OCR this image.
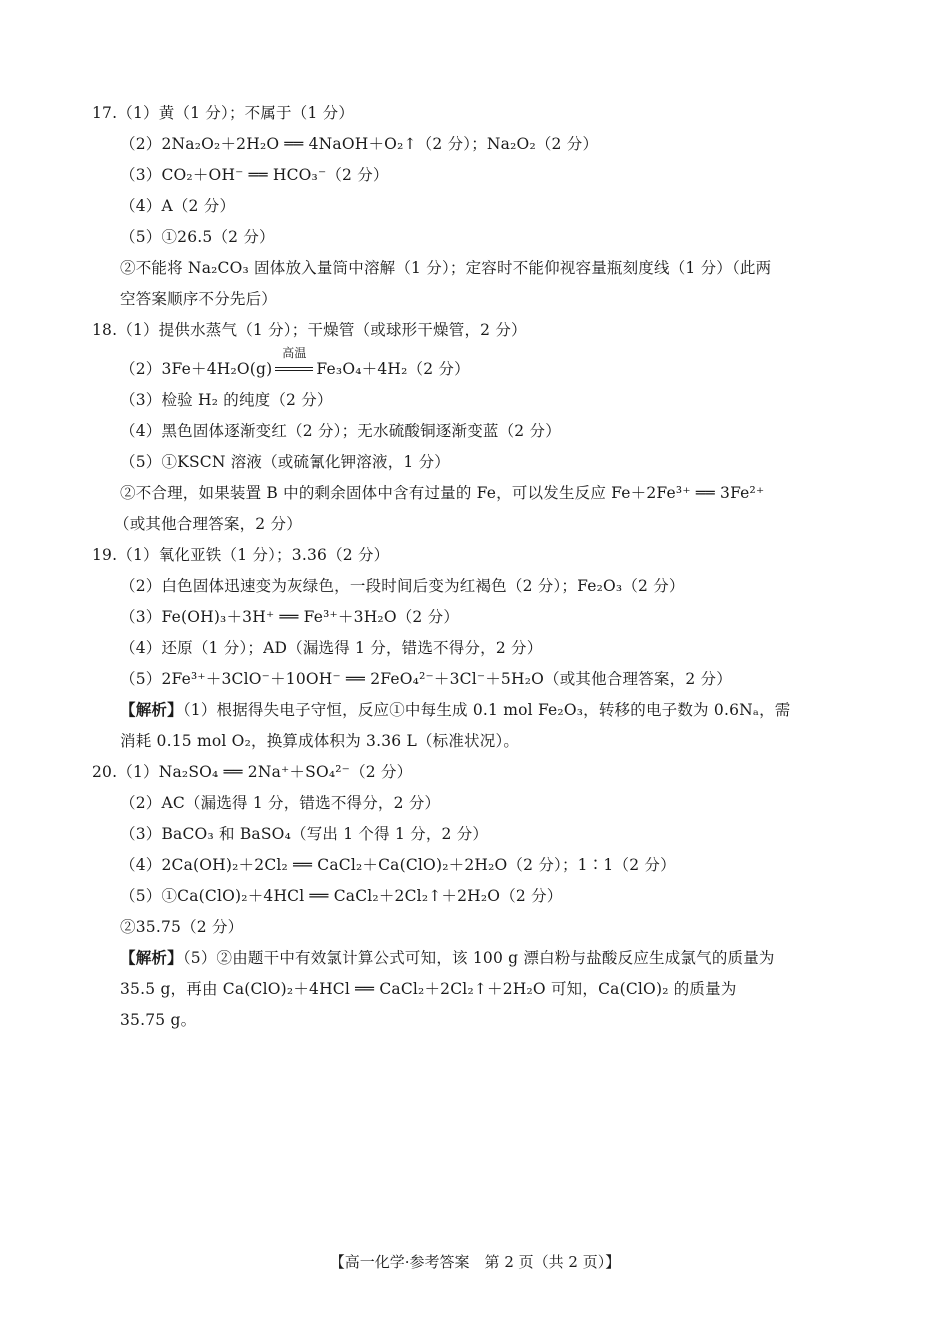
17.（1）黄（1 分）；不属于（1 分）
（2）2Na₂O₂＋2H₂O ══ 4NaOH＋O₂↑（2 分）；Na₂O₂（2 分）
（3）CO₂＋OH⁻ ══ HCO₃⁻（2 分）
（4）A（2 分）
（5）①26.5（2 分）
②不能将 Na₂CO₃ 固体放入量筒中溶解（1 分）；定容时不能仰视容量瓶刻度线（1 分）（此两
空答案顺序不分先后）
18.（1）提供水蒸气（1 分）；干燥管（或球形干燥管，2 分）
（2）3Fe＋4H₂O(g)
高温
Fe₃O₄＋4H₂（2 分）
（3）检验 H₂ 的纯度（2 分）
（4）黑色固体逐渐变红（2 分）；无水硫酸铜逐渐变蓝（2 分）
（5）①KSCN 溶液（或硫氰化钾溶液，1 分）
②不合理，如果装置 B 中的剩余固体中含有过量的 Fe，可以发生反应 Fe＋2Fe³⁺ ══ 3Fe²⁺
（或其他合理答案，2 分）
19.（1）氧化亚铁（1 分）；3.36（2 分）
（2）白色固体迅速变为灰绿色，一段时间后变为红褐色（2 分）；Fe₂O₃（2 分）
（3）Fe(OH)₃＋3H⁺ ══ Fe³⁺＋3H₂O（2 分）
（4）还原（1 分）；AD（漏选得 1 分，错选不得分，2 分）
（5）2Fe³⁺＋3ClO⁻＋10OH⁻ ══ 2FeO₄²⁻＋3Cl⁻＋5H₂O（或其他合理答案，2 分）
【解析】（1）根据得失电子守恒，反应①中每生成 0.1 mol Fe₂O₃，转移的电子数为 0.6Nₐ，需
消耗 0.15 mol O₂，换算成体积为 3.36 L（标准状况）。
20.（1）Na₂SO₄ ══ 2Na⁺＋SO₄²⁻（2 分）
（2）AC（漏选得 1 分，错选不得分，2 分）
（3）BaCO₃ 和 BaSO₄（写出 1 个得 1 分，2 分）
（4）2Ca(OH)₂＋2Cl₂ ══ CaCl₂＋Ca(ClO)₂＋2H₂O（2 分）；1∶1（2 分）
（5）①Ca(ClO)₂＋4HCl ══ CaCl₂＋2Cl₂↑＋2H₂O（2 分）
②35.75（2 分）
【解析】（5）②由题干中有效氯计算公式可知，该 100 g 漂白粉与盐酸反应生成氯气的质量为
35.5 g，再由 Ca(ClO)₂＋4HCl ══ CaCl₂＋2Cl₂↑＋2H₂O 可知，Ca(ClO)₂ 的质量为
35.75 g。
【高一化学·参考答案　第 2 页（共 2 页）】
